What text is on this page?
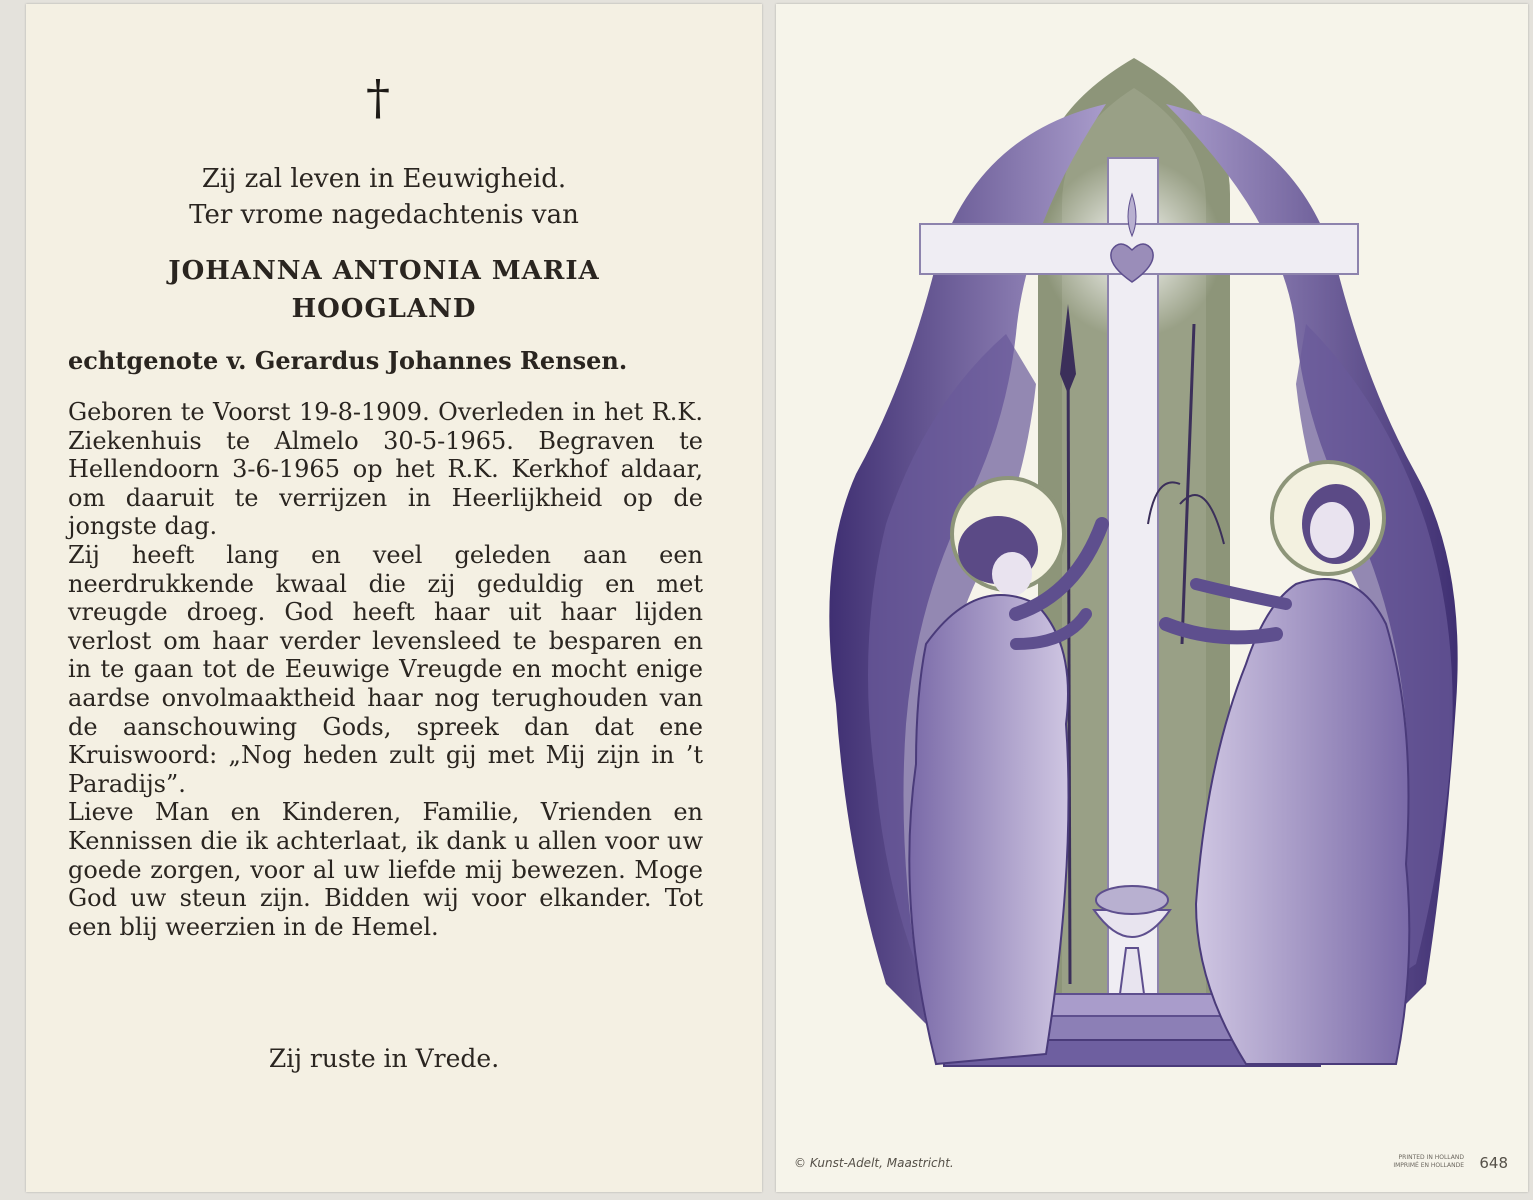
†

Zij zal leven in Eeuwigheid.

Ter vrome nagedachtenis van

JOHANNA ANTONIA MARIA

HOOGLAND

echtgenote v. Gerardus Johannes Rensen.

Geboren te Voorst 19-8-1909. Overleden in het R.K. Ziekenhuis te Almelo 30-5-1965. Begraven te Hellendoorn 3-6-1965 op het R.K. Kerkhof aldaar, om daaruit te verrijzen in Heerlijkheid op de jongste dag.

Zij heeft lang en veel geleden aan een neerdrukkende kwaal die zij geduldig en met vreugde droeg. God heeft haar uit haar lijden verlost om haar verder levensleed te besparen en in te gaan tot de Eeuwige Vreugde en mocht enige aardse onvolmaaktheid haar nog terughouden van de aanschouwing Gods, spreek dan dat ene Kruiswoord: „Nog heden zult gij met Mij zijn in ’t Paradijs”.

Lieve Man en Kinderen, Familie, Vrienden en Kennissen die ik achterlaat, ik dank u allen voor uw goede zorgen, voor al uw liefde mij bewezen. Moge God uw steun zijn. Bidden wij voor elkander. Tot een blij weerzien in de Hemel.

Zij ruste in Vrede.

© Kunst-Adelt, Maastricht.	PRINTED IN HOLLAND
IMPRIMÉ EN HOLLANDE 648
